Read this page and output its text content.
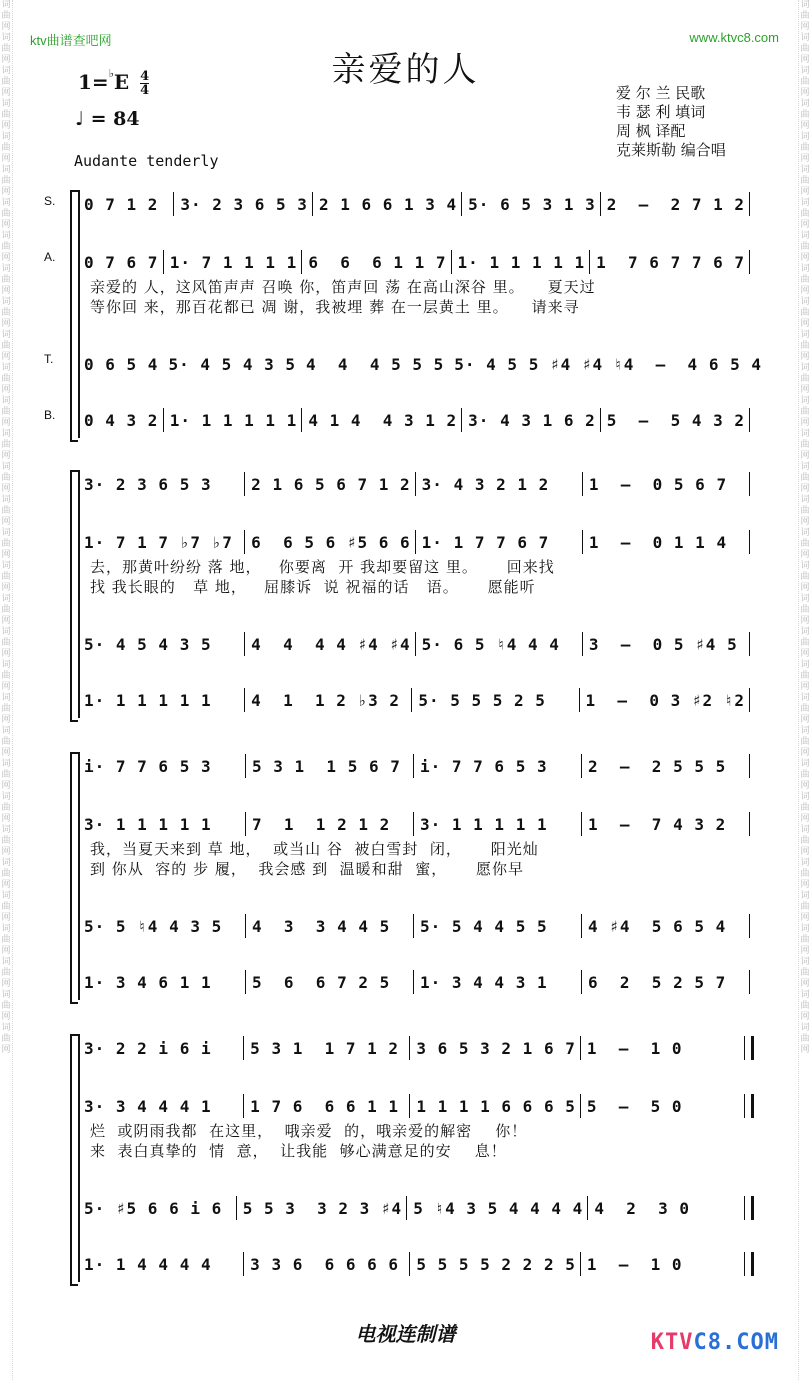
词曲网词曲网词曲网词曲网词曲网词曲网词曲网词曲网词曲网词曲网词曲网词曲网词曲网词曲网词曲网词曲网词曲网词曲网词曲网词曲网词曲网词曲网词曲网词曲网词曲网词曲网词曲网词曲网词曲网词曲网词曲网词曲网
词曲网词曲网词曲网词曲网词曲网词曲网词曲网词曲网词曲网词曲网词曲网词曲网词曲网词曲网词曲网词曲网词曲网词曲网词曲网词曲网词曲网词曲网词曲网词曲网词曲网词曲网词曲网词曲网词曲网词曲网词曲网词曲网
ktv曲谱查吧网	www.ktvc8.com
亲爱的人
$1=^♭E \frac{4}{4}$
♩ = 84
Audante tenderly
爱 尔 兰 民歌
韦 瑟 利 填词
周 枫 译配
克莱斯勒 编合唱
S.
A.
T.
B.
0 7 1 2	3· 2 3 6 5 3 2 1 6 6 1 3 4 5· 6 5 3 1 3 2  –  2 7 1 2
0 7 6 7 1· 7 1 1 1 1 6  6  6 1 1 7 1· 1 1 1 1 1 1  7 6 7 7 6 7
0 6 5 4 5· 4 5 4 3 5 4  4  4 5 5 5 5· 4 5 5 ♯4 ♯4 ♮4  –  4 6 5 4
0 4 3 2 1· 1 1 1 1 1 4 1 4  4 3 1 2 3· 4 3 1 6 2 5  –  5 4 3 2
亲爱的 人，这风笛声声 召唤 你，笛声回 荡 在高山深谷 里。    夏天过
等你回 来，那百花都已 凋 谢，我被埋 葬 在一层黄土 里。    请来寻
3· 2 3 6 5 3	2 1 6 5 6 7 1 2 3· 4 3 2 1 2	1  –  0 5 6 7
1· 7 1 7 ♭7 ♭7	6  6 5 6 ♯5 6 6 1· 1 7 7 6 7	1  –  0 1 1 4
5· 4 5 4 3 5	4  4  4 4 ♯4 ♯4 5· 6 5 ♮4 4 4	3  –  0 5 ♯4 5
1· 1 1 1 1 1	4  1  1 2 ♭3 2	5· 5 5 5 2 5	1  –  0 3 ♯2 ♮2
去，那黄叶纷纷 落 地，   你要离  开 我却要留这 里。     回来找
找 我长眼的   草 地，   屈膝诉  说 祝福的话   语。     愿能听
i· 7 7 6 5 3	5 3 1  1 5 6 7	i· 7 7 6 5 3	2  –  2 5 5 5
3· 1 1 1 1 1	7  1  1 2 1 2	3· 1 1 1 1 1	1  –  7 4 3 2
5· 5 ♮4 4 3 5	4  3  3 4 4 5	5· 5 4 4 5 5	4 ♯4  5 6 5 4
1· 3 4 6 1 1	5  6  6 7 2 5	1· 3 4 4 3 1	6  2  5 2 5 7
我，当夏天来到 草 地，  或当山 谷  被白雪封  闭，     阳光灿
到 你从  容的 步 履，  我会感 到  温暖和甜  蜜，     愿你早
3· 2 2 i 6 i	5 3 1  1 7 1 2	3 6 5 3 2 1 6 7 1  –  1 0
3· 3 4 4 4 1	1 7 6  6 6 1 1	1 1 1 1 6 6 6 5 5  –  5 0
5· ♯5 6 6 i 6	5 5 3  3 2 3 ♯4 5 ♮4 3 5 4 4 4 4 4  2  3 0
1· 1 4 4 4 4	3 3 6  6 6 6 6	5 5 5 5 2 2 2 5 1  –  1 0
烂  或阴雨我都  在这里，  哦亲爱  的，哦亲爱的解密    你！
来  表白真挚的  情  意，  让我能  够心满意足的安    息！
电视连制谱	KTVC8.COM
